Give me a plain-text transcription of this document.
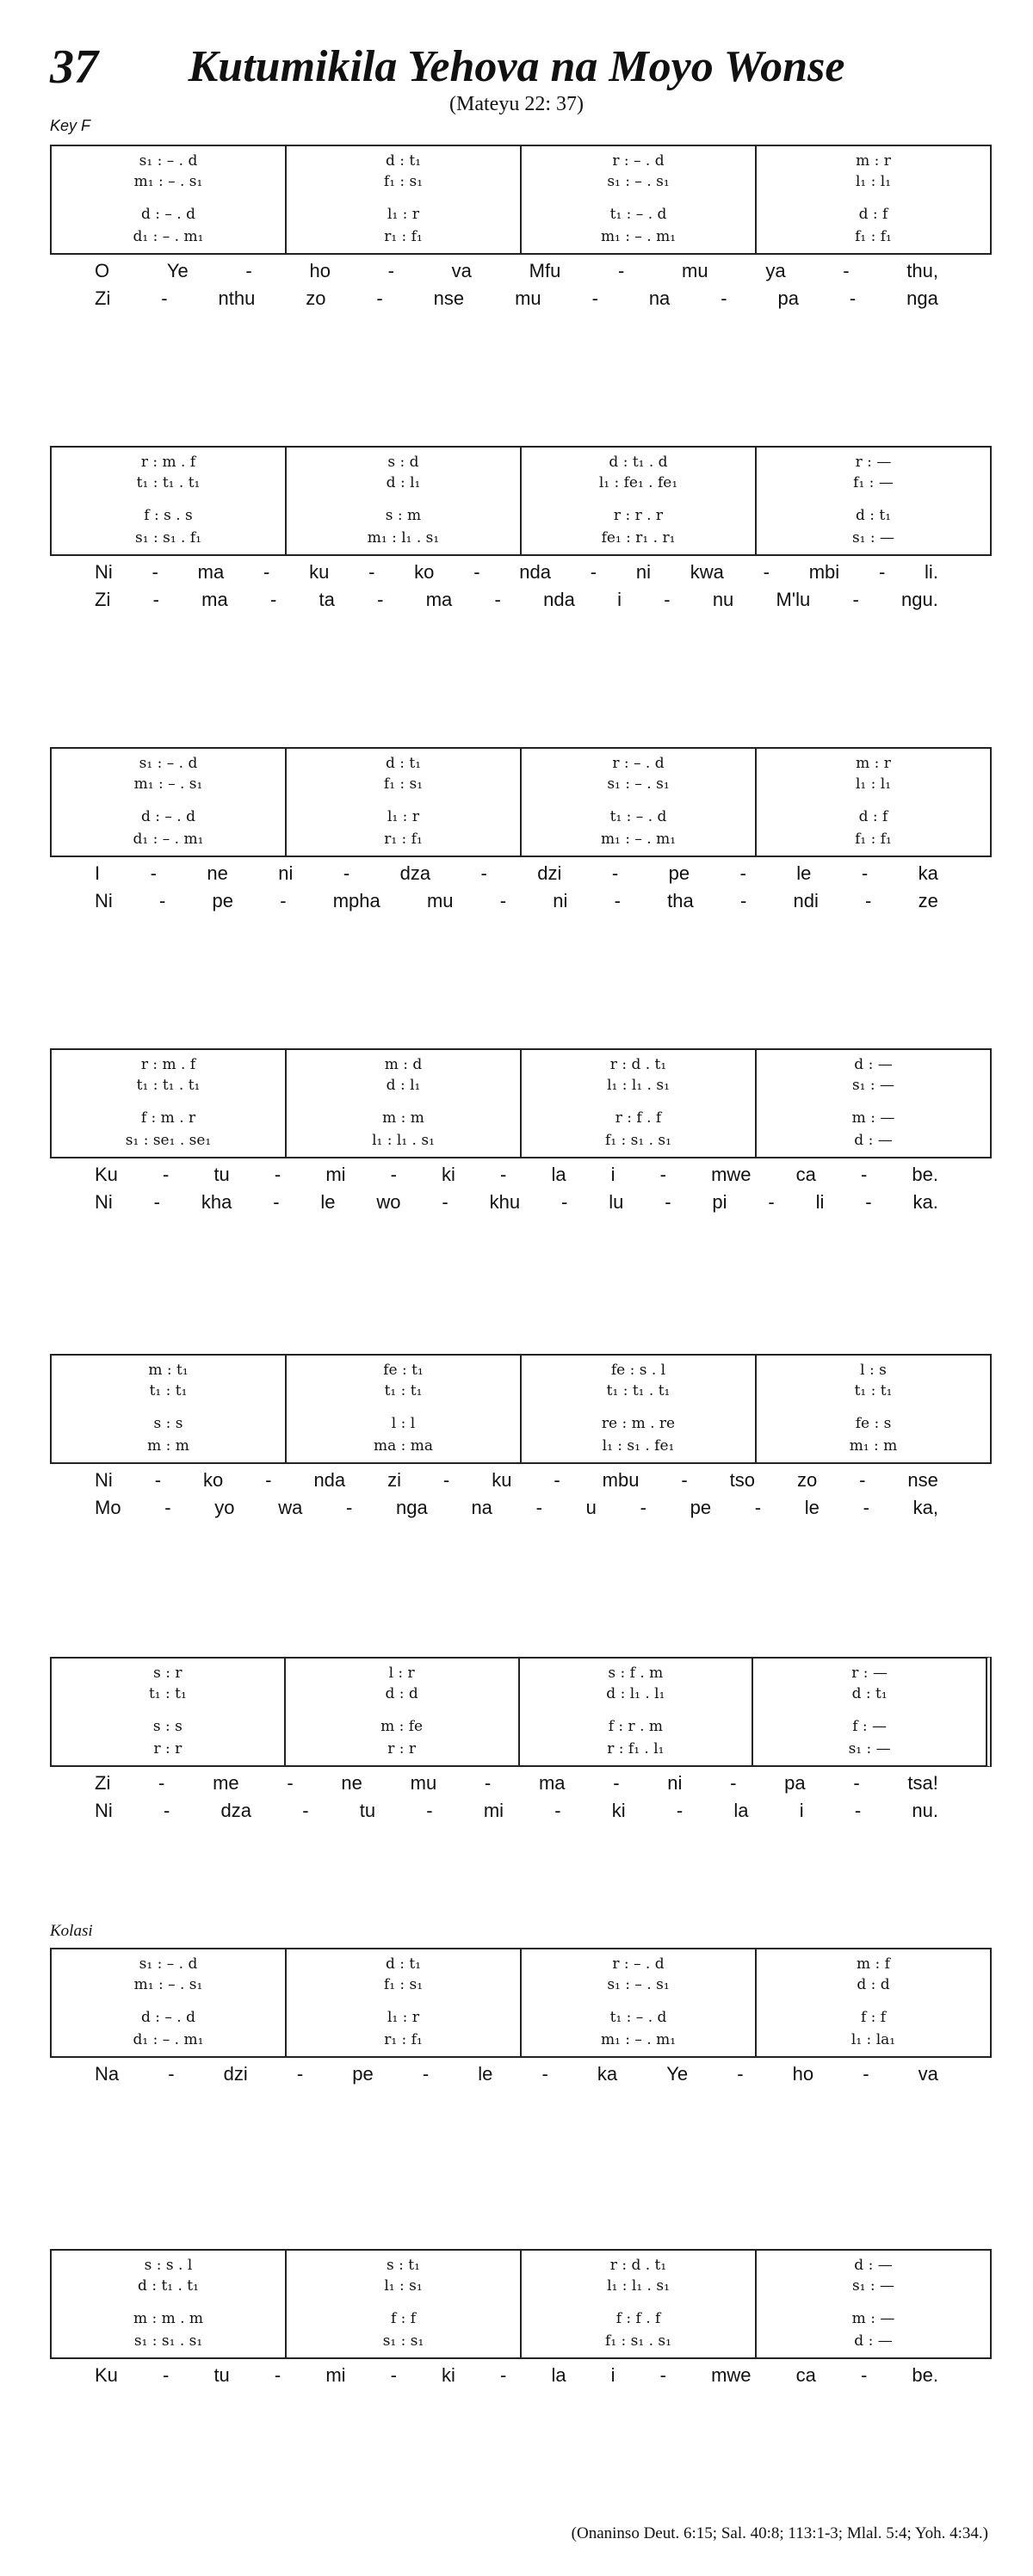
37	Kutumikila Yehova na Moyo Wonse
(Mateyu 22: 37)
Key F
Kolasi
s₁ : – . d
m₁ : – . s₁
d : – . d
d₁ : – . m₁
d : t₁
f₁ : s₁
l₁ : r
r₁ : f₁
r : – . d
s₁ : – . s₁
t₁ : – . d
m₁ : – . m₁
m : r
l₁ : l₁
d : f
f₁ : f₁
O	Ye	-	ho	-	va	Mfu	-	mu	ya	-	thu,
Zi	-	nthu	zo	-	nse	mu	-	na	-	pa	-	nga
r : m . f
t₁ : t₁ . t₁
f : s . s
s₁ : s₁ . f₁
s : d
d : l₁
s : m
m₁ : l₁ . s₁
d : t₁ . d
l₁ : fe₁ . fe₁
r : r . r
fe₁ : r₁ . r₁
r : —
f₁ : —
d : t₁
s₁ : —
Ni - ma - ku - ko - nda - ni kwa - mbi - li.
Zi - ma - ta - ma - nda i - nu M'lu - ngu.
s₁ : – . d
m₁ : – . s₁
d : – . d
d₁ : – . m₁
d : t₁
f₁ : s₁
l₁ : r
r₁ : f₁
r : – . d
s₁ : – . s₁
t₁ : – . d
m₁ : – . m₁
m : r
l₁ : l₁
d : f
f₁ : f₁
I	-	ne	ni	-	dza	-	dzi	-	pe	-	le	-	ka
Ni - pe - mpha mu - ni - tha - ndi - ze
r : m . f
t₁ : t₁ . t₁
f : m . r
s₁ : se₁ . se₁
m : d
d : l₁
m : m
l₁ : l₁ . s₁
r : d . t₁
l₁ : l₁ . s₁
r : f . f
f₁ : s₁ . s₁
d : —
s₁ : —
m : —
d : —
Ku - tu - mi - ki - la i - mwe ca - be.
Ni - kha - le wo - khu - lu - pi - li - ka.
m : t₁
t₁ : t₁
s : s
m : m
fe : t₁
t₁ : t₁
l : l
ma : ma
fe : s . l
t₁ : t₁ . t₁
re : m . re
l₁ : s₁ . fe₁
l : s
t₁ : t₁
fe : s
m₁ : m
Ni - ko - nda zi - ku - mbu - tso zo - nse
Mo - yo wa - nga na - u - pe - le - ka,
s : r
t₁ : t₁
s : s
r : r
l : r
d : d
m : fe
r : r
s : f . m
d : l₁ . l₁
f : r . m
r : f₁ . l₁
r : —
d : t₁
f : —
s₁ : —
Zi	-	me	-	ne	mu	-	ma	-	ni	-	pa	-	tsa!
Ni	-	dza	-	tu	-	mi	-	ki	-	la	i	-	nu.
s₁ : – . d
m₁ : – . s₁
d : – . d
d₁ : – . m₁
d : t₁
f₁ : s₁
l₁ : r
r₁ : f₁
r : – . d
s₁ : – . s₁
t₁ : – . d
m₁ : – . m₁
m : f
d : d
f : f
l₁ : la₁
Na	-	dzi	-	pe	-	le	-	ka	Ye	-	ho	-	va
s : s . l
d : t₁ . t₁
m : m . m
s₁ : s₁ . s₁
s : t₁
l₁ : s₁
f : f
s₁ : s₁
r : d . t₁
l₁ : l₁ . s₁
f : f . f
f₁ : s₁ . s₁
d : —
s₁ : —
m : —
d : —
Ku - tu - mi - ki - la i - mwe ca - be.
(Onaninso Deut. 6:15; Sal. 40:8; 113:1-3; Mlal. 5:4; Yoh. 4:34.)
